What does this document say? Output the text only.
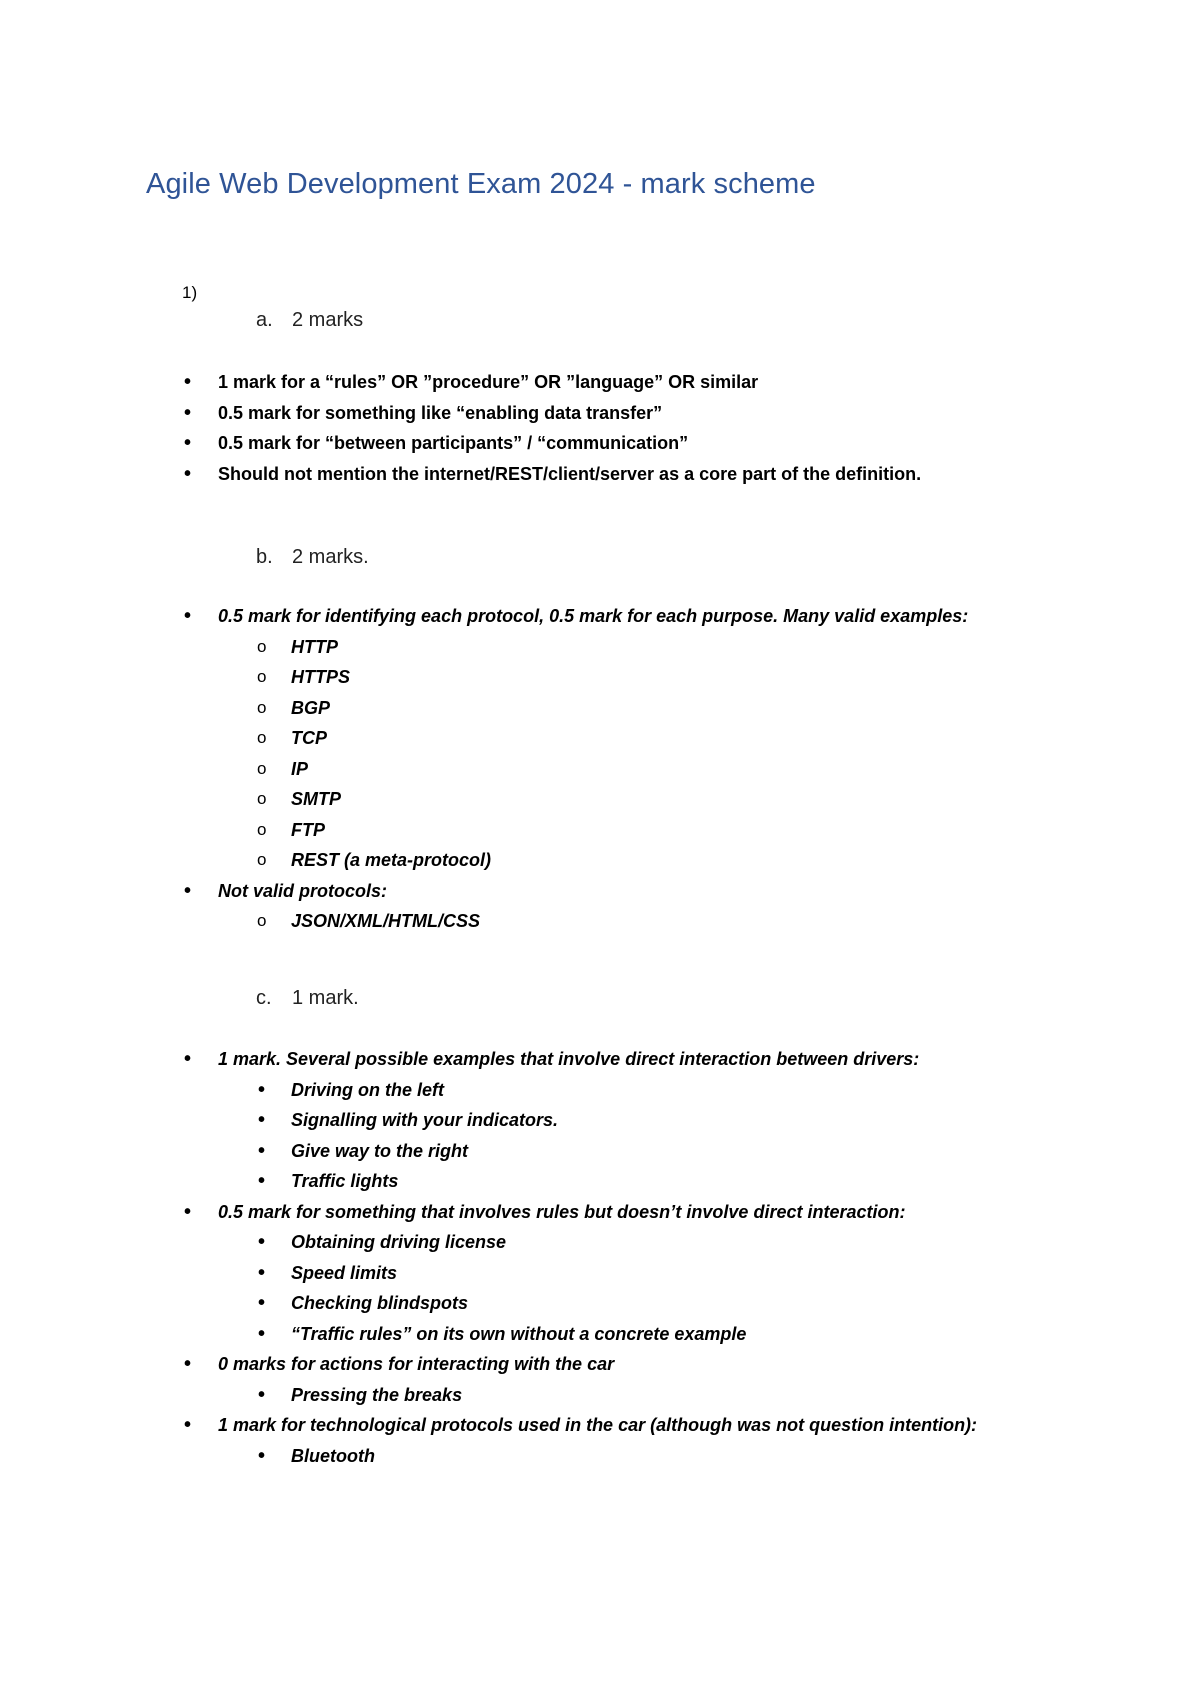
Agile Web Development Exam 2024 - mark scheme
1)
a. 2 marks
• 1 mark for a “rules” OR ”procedure” OR ”language” OR similar
• 0.5 mark for something like “enabling data transfer”
• 0.5 mark for “between participants” / “communication”
• Should not mention the internet/REST/client/server as a core part of the definition.
b. 2 marks.
• 0.5 mark for identifying each protocol, 0.5 mark for each purpose. Many valid examples:
o HTTP
o HTTPS
o BGP
o TCP
o IP
o SMTP
o FTP
o REST (a meta-protocol)
• Not valid protocols:
o JSON/XML/HTML/CSS
c. 1 mark.
• 1 mark. Several possible examples that involve direct interaction between drivers:
• Driving on the left
• Signalling with your indicators.
• Give way to the right
• Traffic lights
• 0.5 mark for something that involves rules but doesn’t involve direct interaction:
• Obtaining driving license
• Speed limits
• Checking blindspots
• “Traffic rules” on its own without a concrete example
• 0 marks for actions for interacting with the car
• Pressing the breaks
• 1 mark for technological protocols used in the car (although was not question intention):
• Bluetooth
